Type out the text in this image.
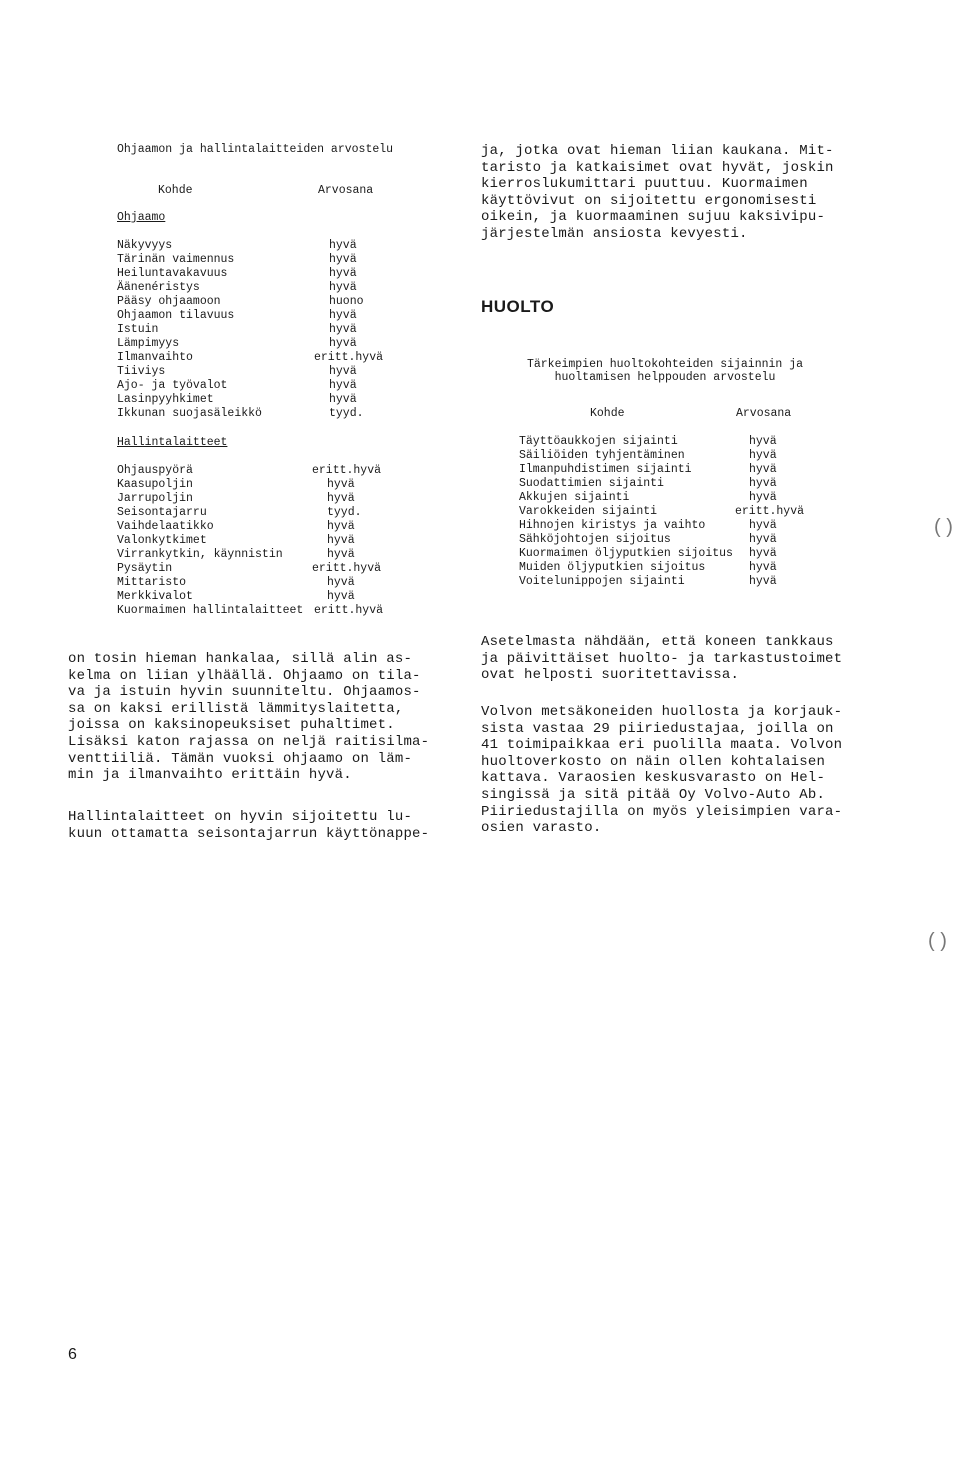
Ohjaamon ja hallintalaitteiden arvostelu
Kohde	Arvosana
Ohjaamo
Näkyvyys	hyvä
Tärinän vaimennus	hyvä
Heiluntavakavuus	hyvä
Äänenéristys	hyvä
Pääsy ohjaamoon	huono
Ohjaamon tilavuus	hyvä
Istuin	hyvä
Lämpimyys	hyvä
Ilmanvaihto	eritt.hyvä
Tiiviys	hyvä
Ajo- ja työvalot	hyvä
Lasinpyyhkimet	hyvä
Ikkunan suojasäleikkö	tyyd.
Hallintalaitteet
Ohjauspyörä	eritt.hyvä
Kaasupoljin	hyvä
Jarrupoljin	hyvä
Seisontajarru	tyyd.
Vaihdelaatikko	hyvä
Valonkytkimet	hyvä
Virrankytkin, käynnistin	hyvä
Pysäytin	eritt.hyvä
Mittaristo	hyvä
Merkkivalot	hyvä
Kuormaimen hallintalaitteet eritt.hyvä
on tosin hieman hankalaa, sillä alin as-
kelma on liian ylhäällä. Ohjaamo on tila-
va ja istuin hyvin suunniteltu. Ohjaamos-
sa on kaksi erillistä lämmityslaitetta,
joissa on kaksinopeuksiset puhaltimet.
Lisäksi katon rajassa on neljä raitisilma-
venttiiliä. Tämän vuoksi ohjaamo on läm-
min ja ilmanvaihto erittäin hyvä.
Hallintalaitteet on hyvin sijoitettu lu-
kuun ottamatta seisontajarrun käyttönappe-
ja, jotka ovat hieman liian kaukana. Mit-
taristo ja katkaisimet ovat hyvät, joskin
kierroslukumittari puuttuu. Kuormaimen
käyttövivut on sijoitettu ergonomisesti
oikein, ja kuormaaminen sujuu kaksivipu-
järjestelmän ansiosta kevyesti.
HUOLTO
Tärkeimpien huoltokohteiden sijainnin ja
huoltamisen helppouden arvostelu
Kohde	Arvosana
Täyttöaukkojen sijainti	hyvä
Säiliöiden tyhjentäminen	hyvä
Ilmanpuhdistimen sijainti	hyvä
Suodattimien sijainti	hyvä
Akkujen sijainti	hyvä
Varokkeiden sijainti	eritt.hyvä
Hihnojen kiristys ja vaihto	hyvä
Sähköjohtojen sijoitus	hyvä
Kuormaimen öljyputkien sijoitus hyvä
Muiden öljyputkien sijoitus	hyvä
Voitelunippojen sijainti	hyvä
Asetelmasta nähdään, että koneen tankkaus
ja päivittäiset huolto- ja tarkastustoimet
ovat helposti suoritettavissa.
Volvon metsäkoneiden huollosta ja korjauk-
sista vastaa 29 piiriedustajaa, joilla on
41 toimipaikkaa eri puolilla maata. Volvon
huoltoverkosto on näin ollen kohtalaisen
kattava. Varaosien keskusvarasto on Hel-
singissä ja sitä pitää Oy Volvo-Auto Ab.
Piiriedustajilla on myös yleisimpien vara-
osien varasto.
( )
( )
6
